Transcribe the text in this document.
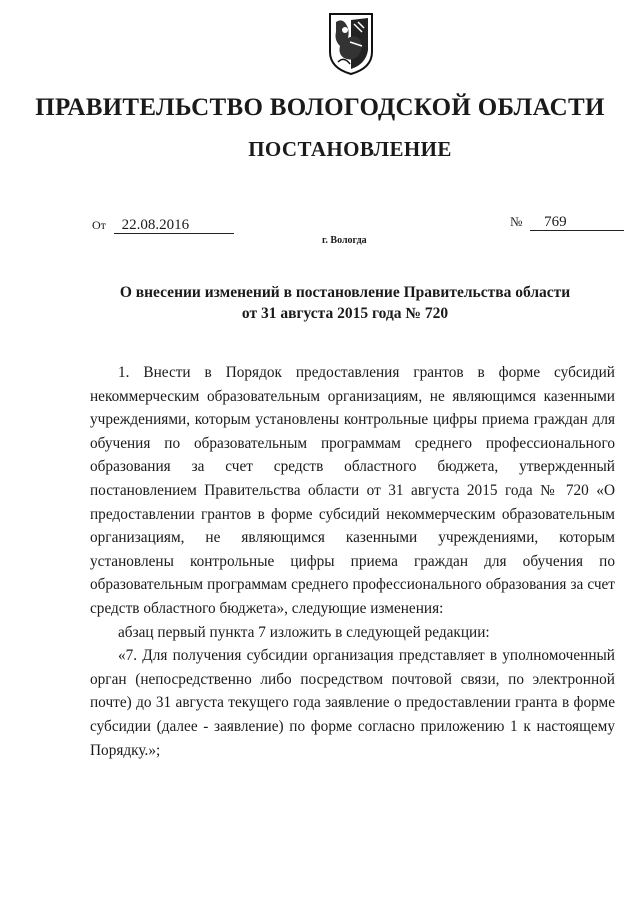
ПРАВИТЕЛЬСТВО ВОЛОГОДСКОЙ ОБЛАСТИ
ПОСТАНОВЛЕНИЕ
От 22.08.2016	№ 769
г. Вологда
О внесении изменений в постановление Правительства области
от 31 августа 2015 года № 720

1. Внести в Порядок предоставления грантов в форме субсидий некоммерческим образовательным организациям, не являющимся казенными учреждениями, которым установлены контрольные цифры приема граждан для обучения по образовательным программам среднего профессионального образования за счет средств областного бюджета, утвержденный постановлением Правительства области от 31 августа 2015 года № 720 «О предоставлении грантов в форме субсидий некоммерческим образовательным организациям, не являющимся казенными учреждениями, которым установлены контрольные цифры приема граждан для обучения по образовательным программам среднего профессионального образования за счет средств областного бюджета», следующие изменения:

абзац первый пункта 7 изложить в следующей редакции:

«7. Для получения субсидии организация представляет в уполномоченный орган (непосредственно либо посредством почтовой связи, по электронной почте) до 31 августа текущего года заявление о предоставлении гранта в форме субсидии (далее - заявление) по форме согласно приложению 1 к настоящему Порядку.»;
